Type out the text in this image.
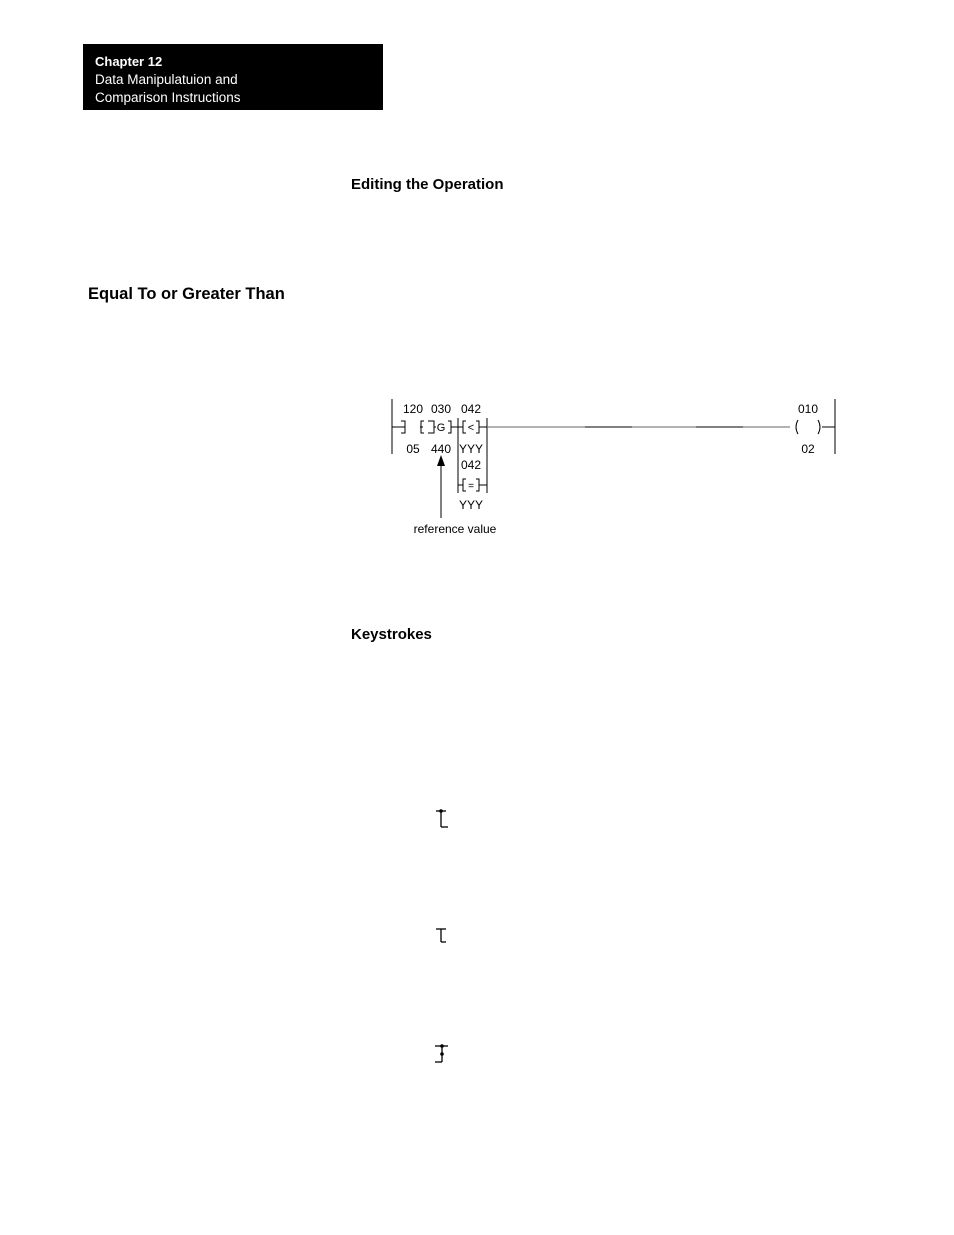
Chapter 12
Data Manipulatuion and
Comparison Instructions
Editing the Operation
Equal To or Greater Than
Keystrokes
120
05
030
G
440
042
<
YYY
042
=
YYY
010
02
reference value
